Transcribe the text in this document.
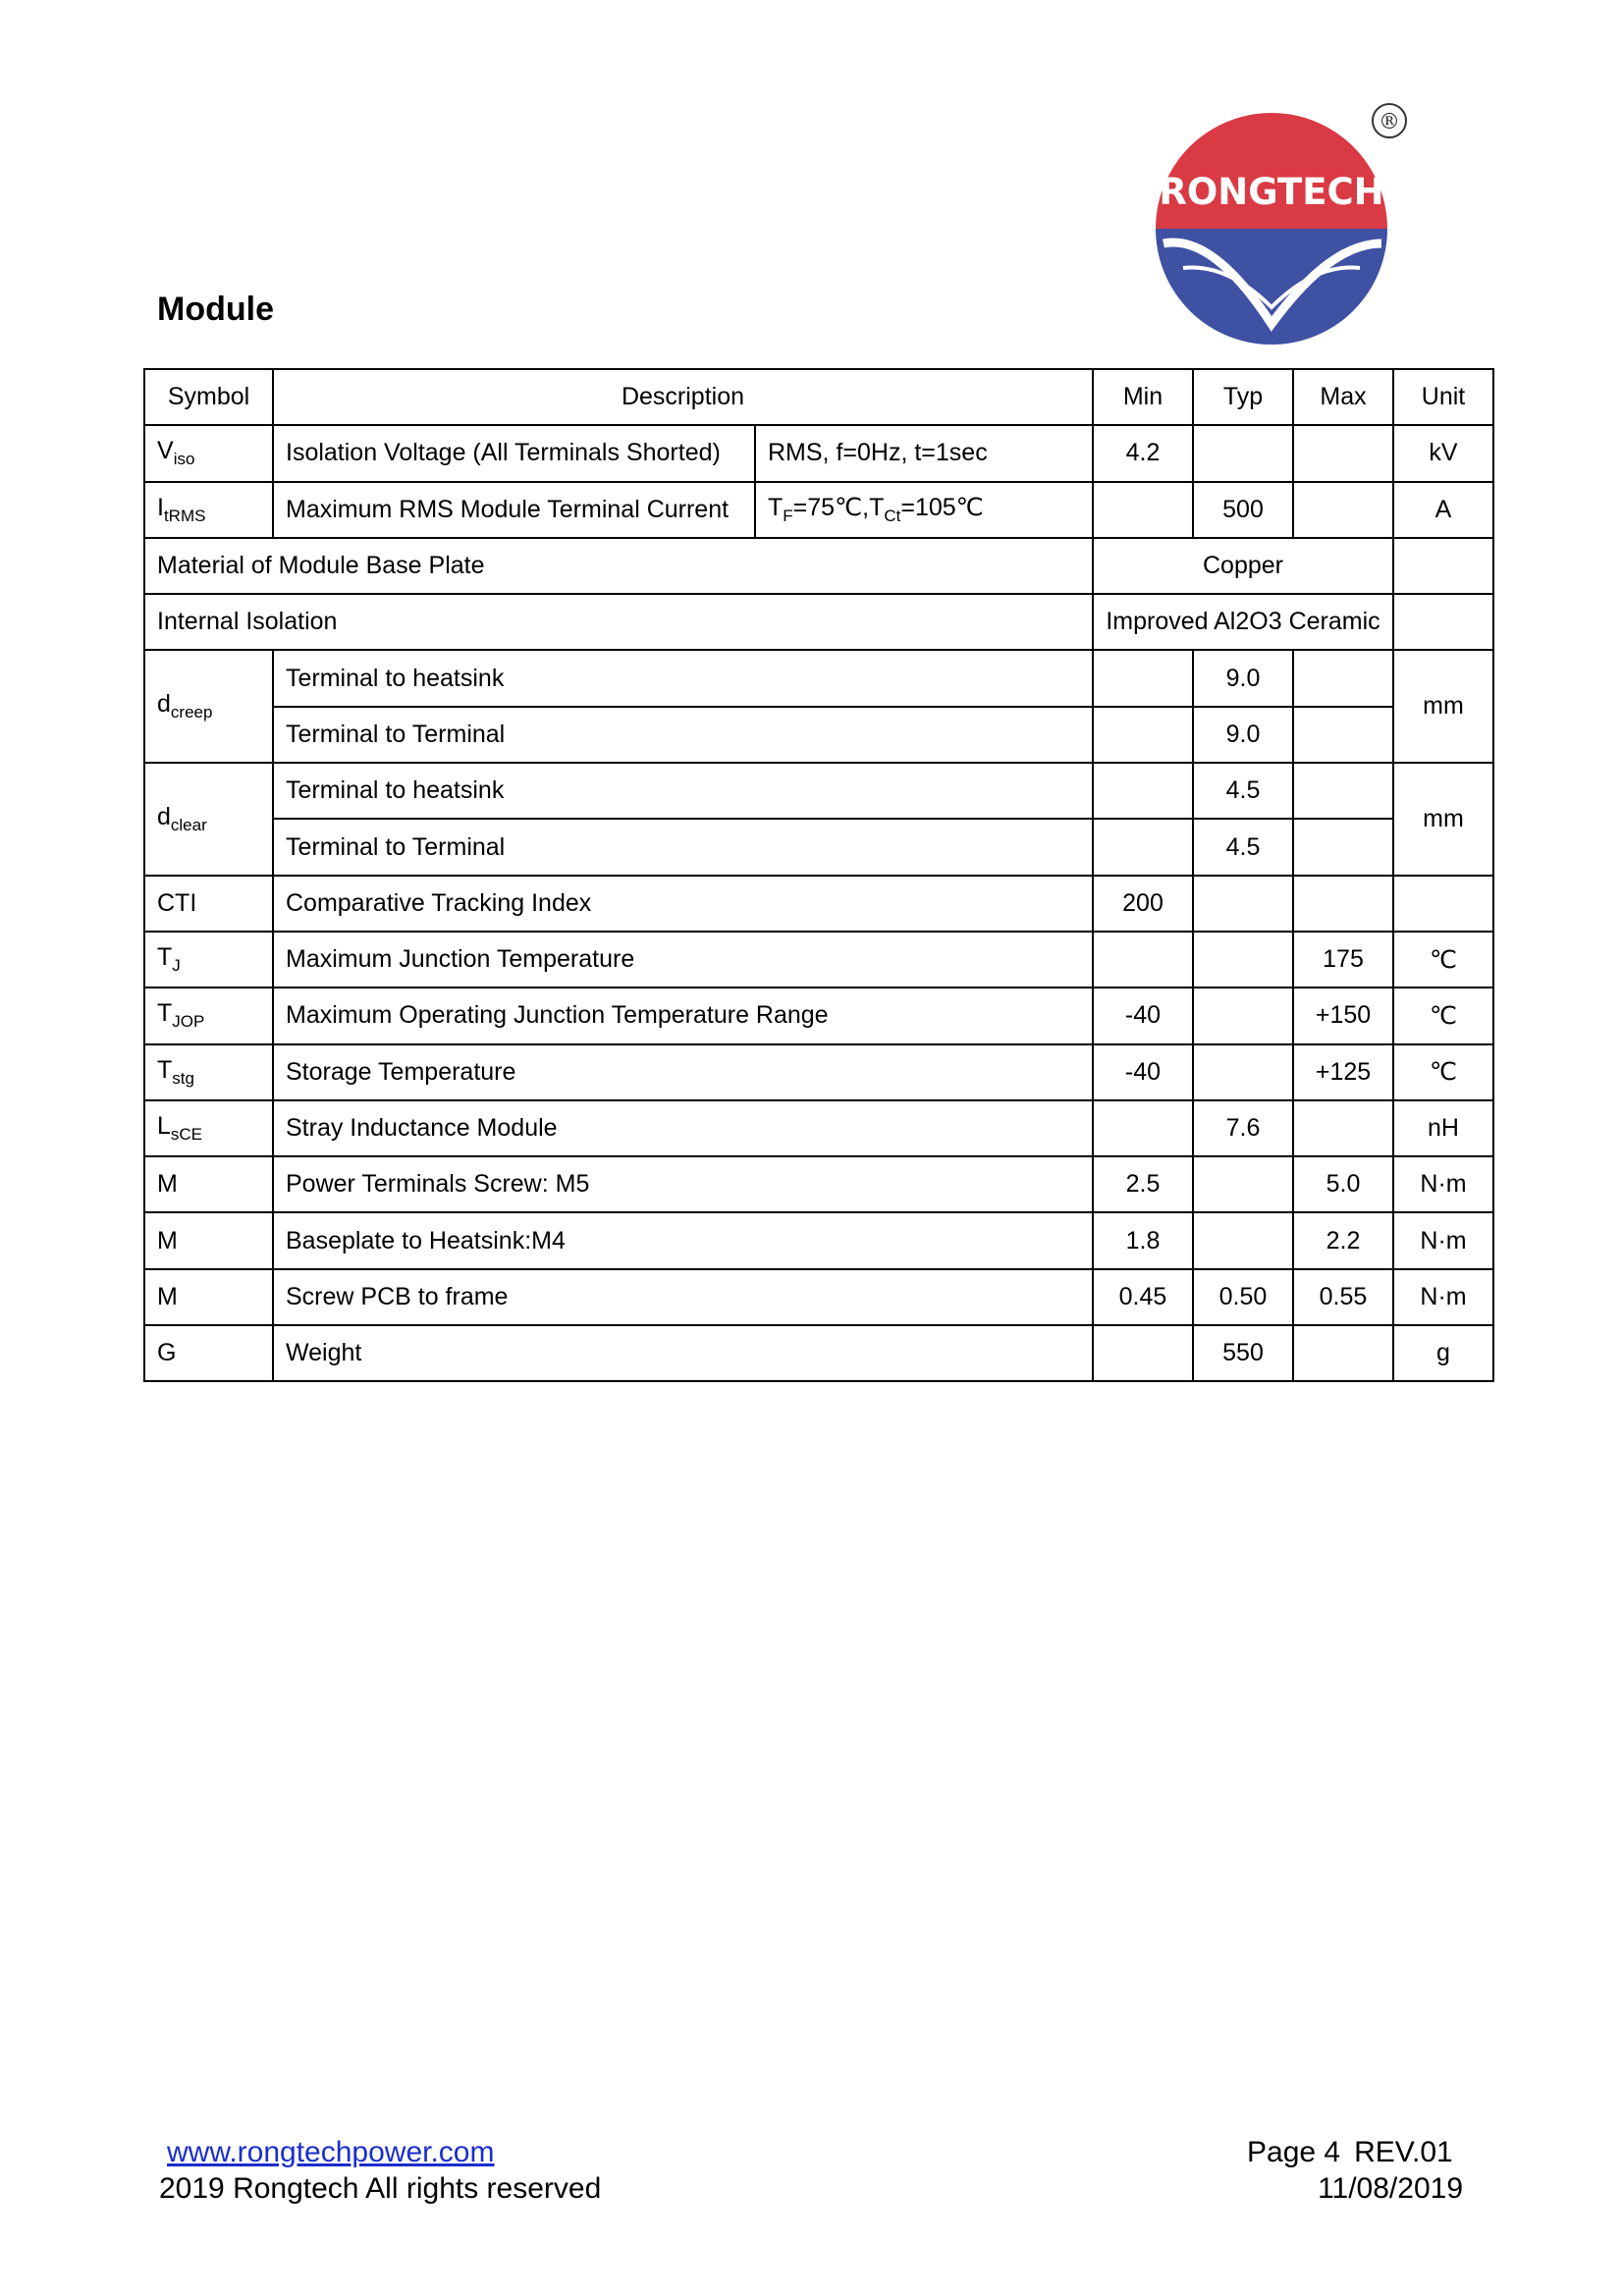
RONGTECH
®
Module
Symbol	Description		Min	Typ	Max	Unit
$V_{iso}$	Isolation Voltage (All Terminals Shorted)	RMS, f=0Hz, t=1sec	4.2			kV
$I_{tRMS}$	Maximum RMS Module Terminal Current	$T_F=75℃,T_{Ct}=105℃$		500		A
Material of Module Base Plate			Copper			
Internal Isolation			Improved Al2O3 Ceramic			
$d_{creep}$	Terminal to heatsink			9.0		mm
	Terminal to Terminal			9.0		
$d_{clear}$	Terminal to heatsink			4.5		mm
	Terminal to Terminal			4.5		
CTI	Comparative Tracking Index		200			
$T_J$	Maximum Junction Temperature				175	℃
$T_{JOP}$	Maximum Operating Junction Temperature Range		-40		+150	℃
$T_{stg}$	Storage Temperature		-40		+125	℃
$L_{sCE}$	Stray Inductance Module			7.6		nH
M	Power Terminals Screw: M5		2.5		5.0	N·m
M	Baseplate to Heatsink:M4		1.8		2.2	N·m
M	Screw PCB to frame		0.45	0.50	0.55	N·m
G	Weight			550		g
www.rongtechpower.com
2019 Rongtech All rights reserved
Page 4 REV.01
11/08/2019
